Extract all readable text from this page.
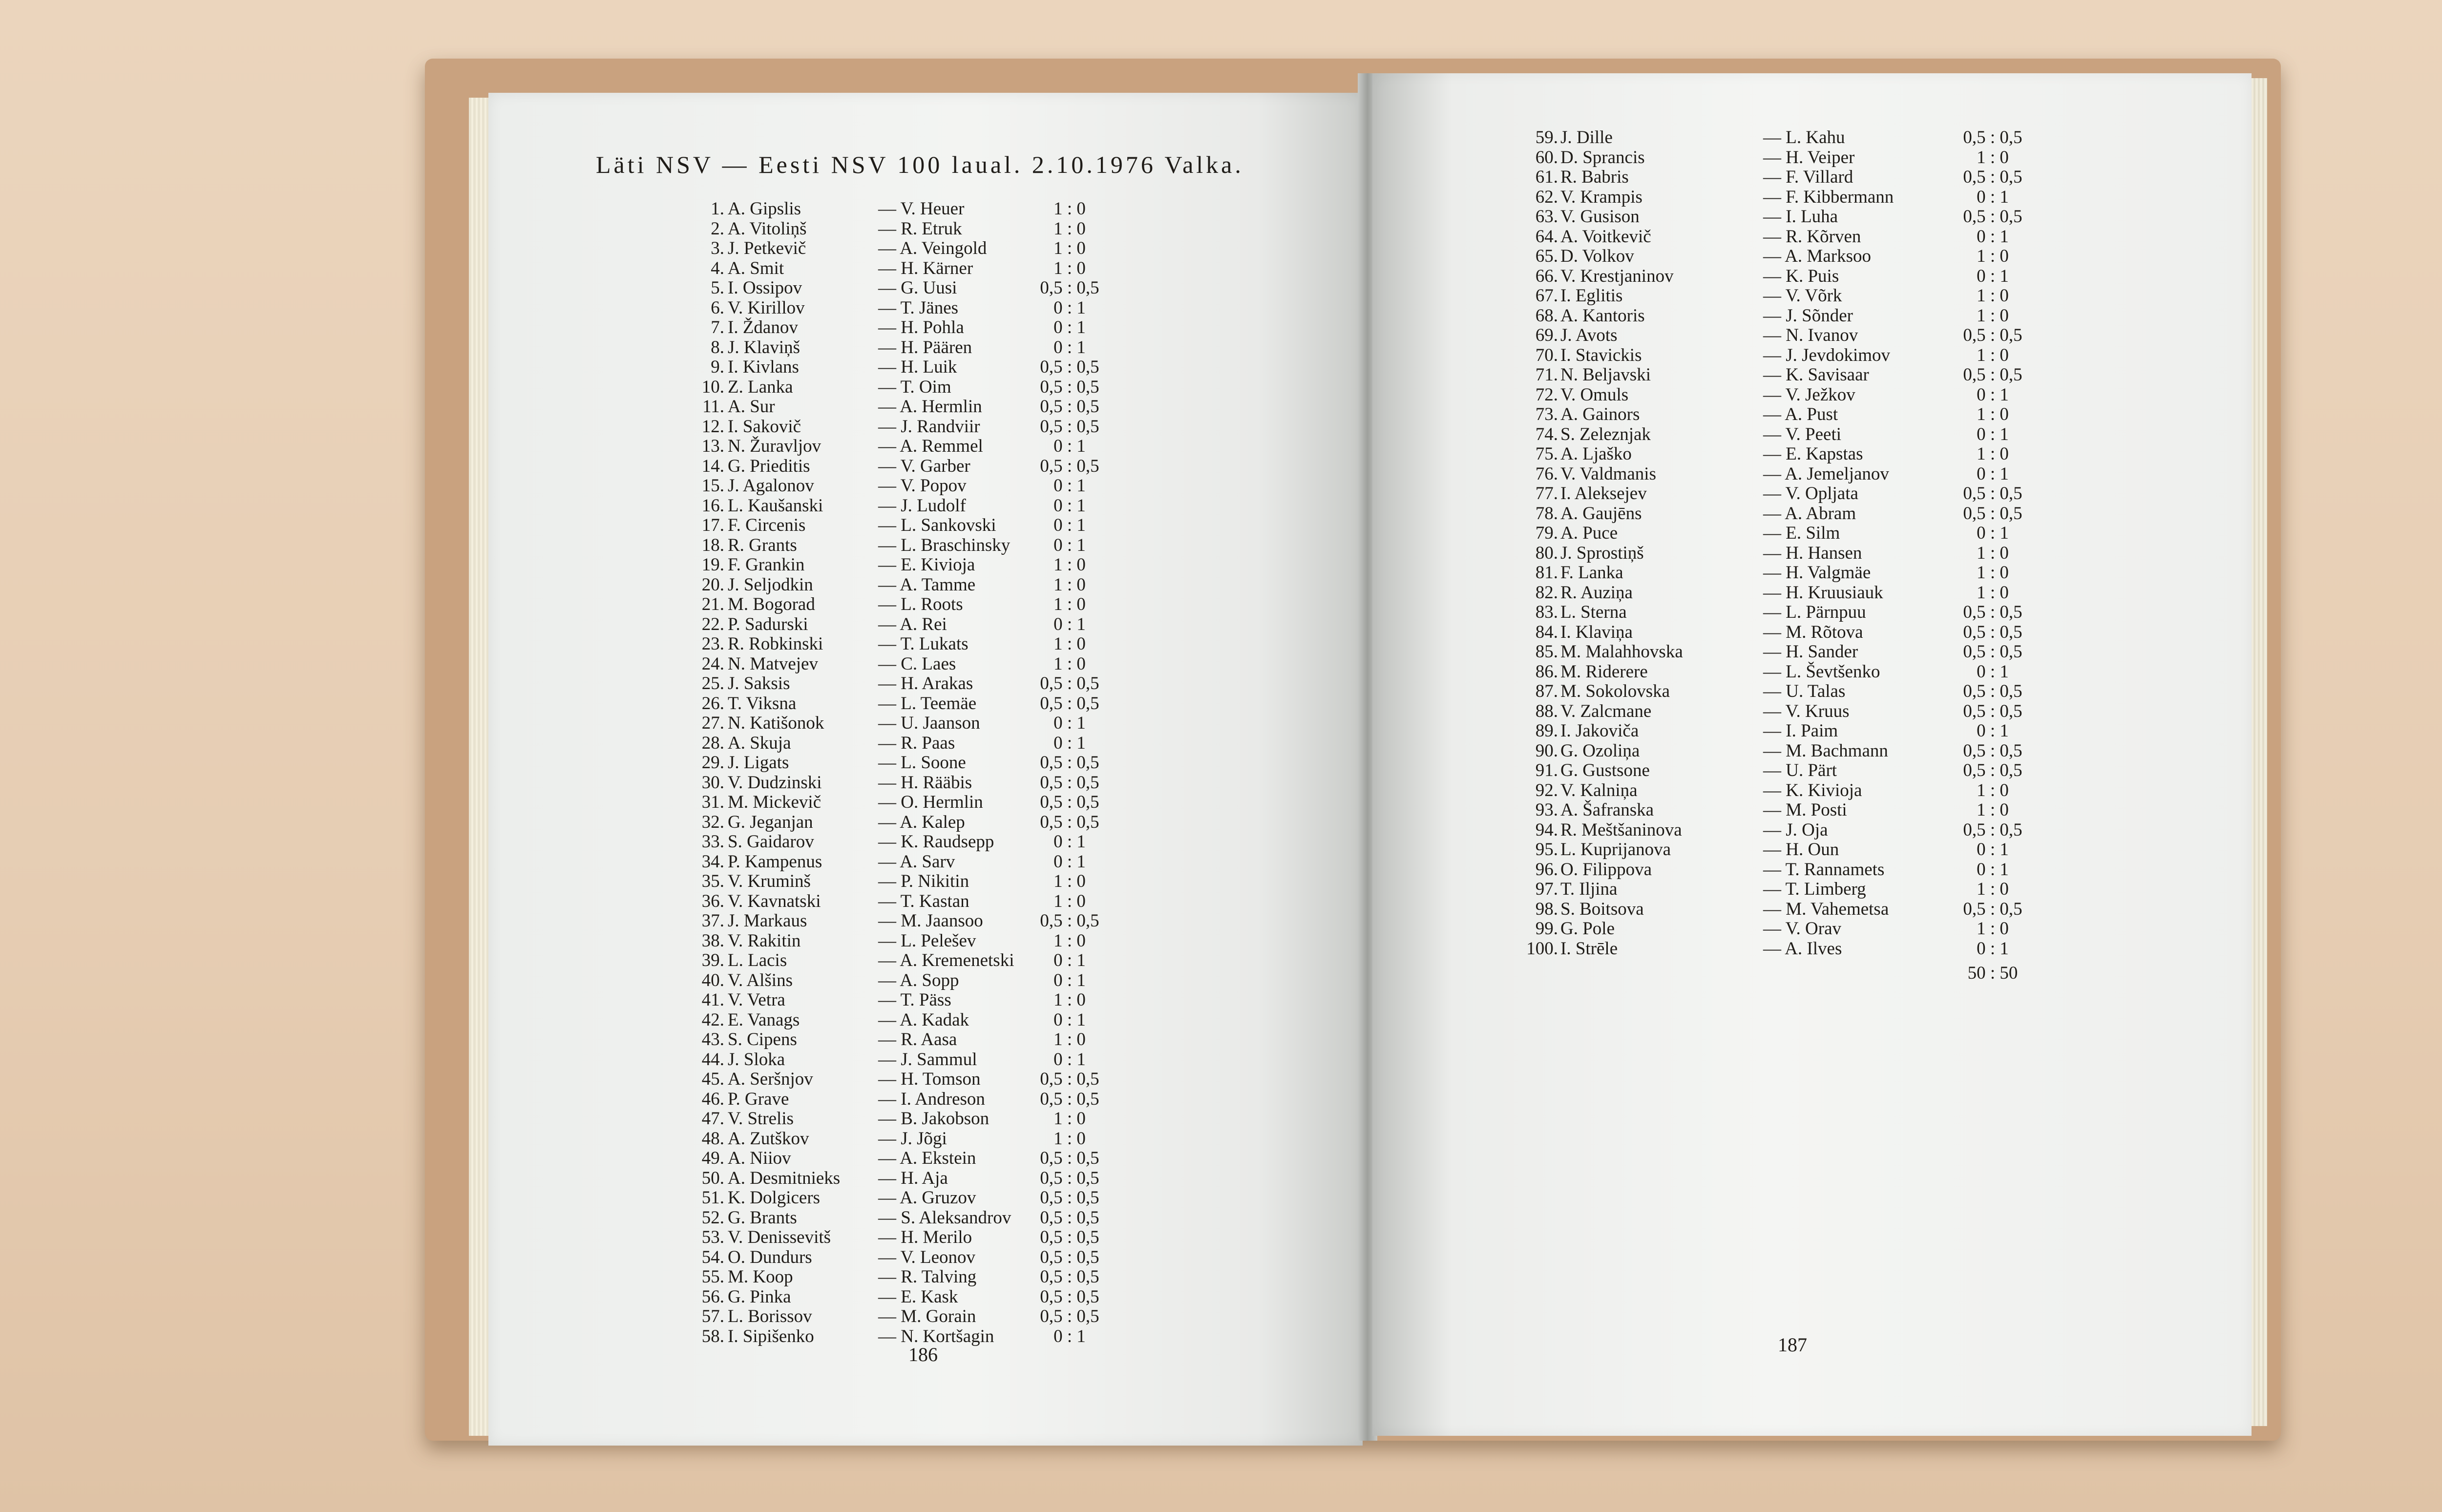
Läti NSV — Eesti NSV 100 laual. 2.10.1976 Valka.
1. A. Gipslis	— V. Heuer	1 : 0
2. A. Vitoliņš	— R. Etruk	1 : 0
3. J. Petkevič	— A. Veingold	1 : 0
4. A. Smit	— H. Kärner	1 : 0
5. I. Ossipov	— G. Uusi	0,5 : 0,5
6. V. Kirillov	— T. Jänes	0 : 1
7. I. Ždanov	— H. Pohla	0 : 1
8. J. Klaviņš	— H. Päären	0 : 1
9. I. Kivlans	— H. Luik	0,5 : 0,5
10. Z. Lanka	— T. Oim	0,5 : 0,5
11. A. Sur	— A. Hermlin	0,5 : 0,5
12. I. Sakovič	— J. Randviir	0,5 : 0,5
13. N. Žuravljov	— A. Remmel	0 : 1
14. G. Prieditis	— V. Garber	0,5 : 0,5
15. J. Agalonov	— V. Popov	0 : 1
16. L. Kaušanski	— J. Ludolf	0 : 1
17. F. Circenis	— L. Sankovski	0 : 1
18. R. Grants	— L. Braschinsky	0 : 1
19. F. Grankin	— E. Kivioja	1 : 0
20. J. Seljodkin	— A. Tamme	1 : 0
21. M. Bogorad	— L. Roots	1 : 0
22. P. Sadurski	— A. Rei	0 : 1
23. R. Robkinski	— T. Lukats	1 : 0
24. N. Matvejev	— C. Laes	1 : 0
25. J. Saksis	— H. Arakas	0,5 : 0,5
26. T. Viksna	— L. Teemäe	0,5 : 0,5
27. N. Katišonok	— U. Jaanson	0 : 1
28. A. Skuja	— R. Paas	0 : 1
29. J. Ligats	— L. Soone	0,5 : 0,5
30. V. Dudzinski	— H. Rääbis	0,5 : 0,5
31. M. Mickevič	— O. Hermlin	0,5 : 0,5
32. G. Jeganjan	— A. Kalep	0,5 : 0,5
33. S. Gaidarov	— K. Raudsepp	0 : 1
34. P. Kampenus	— A. Sarv	0 : 1
35. V. Kruminš	— P. Nikitin	1 : 0
36. V. Kavnatski	— T. Kastan	1 : 0
37. J. Markaus	— M. Jaansoo	0,5 : 0,5
38. V. Rakitin	— L. Pelešev	1 : 0
39. L. Lacis	— A. Kremenetski	0 : 1
40. V. Alšins	— A. Sopp	0 : 1
41. V. Vetra	— T. Päss	1 : 0
42. E. Vanags	— A. Kadak	0 : 1
43. S. Cipens	— R. Aasa	1 : 0
44. J. Sloka	— J. Sammul	0 : 1
45. A. Seršnjov	— H. Tomson	0,5 : 0,5
46. P. Grave	— I. Andreson	0,5 : 0,5
47. V. Strelis	— B. Jakobson	1 : 0
48. A. Zutškov	— J. Jõgi	1 : 0
49. A. Niiov	— A. Ekstein	0,5 : 0,5
50. A. Desmitnieks — H. Aja	0,5 : 0,5
51. K. Dolgicers	— A. Gruzov	0,5 : 0,5
52. G. Brants	— S. Aleksandrov	0,5 : 0,5
53. V. Denissevitš	— H. Merilo	0,5 : 0,5
54. O. Dundurs	— V. Leonov	0,5 : 0,5
55. M. Koop	— R. Talving	0,5 : 0,5
56. G. Pinka	— E. Kask	0,5 : 0,5
57. L. Borissov	— M. Gorain	0,5 : 0,5
58. I. Sipišenko	— N. Kortšagin	0 : 1
186
59. J. Dille	— L. Kahu	0,5 : 0,5
60. D. Sprancis	— H. Veiper	1 : 0
61. R. Babris	— F. Villard	0,5 : 0,5
62. V. Krampis	— F. Kibbermann	0 : 1
63. V. Gusison	— I. Luha	0,5 : 0,5
64. A. Voitkevič	— R. Kõrven	0 : 1
65. D. Volkov	— A. Marksoo	1 : 0
66. V. Krestjaninov	— K. Puis	0 : 1
67. I. Eglitis	— V. Võrk	1 : 0
68. A. Kantoris	— J. Sõnder	1 : 0
69. J. Avots	— N. Ivanov	0,5 : 0,5
70. I. Stavickis	— J. Jevdokimov	1 : 0
71. N. Beljavski	— K. Savisaar	0,5 : 0,5
72. V. Omuls	— V. Ježkov	0 : 1
73. A. Gainors	— A. Pust	1 : 0
74. S. Zeleznjak	— V. Peeti	0 : 1
75. A. Ljaško	— E. Kapstas	1 : 0
76. V. Valdmanis	— A. Jemeljanov	0 : 1
77. I. Aleksejev	— V. Opljata	0,5 : 0,5
78. A. Gaujēns	— A. Abram	0,5 : 0,5
79. A. Puce	— E. Silm	0 : 1
80. J. Sprostiņš	— H. Hansen	1 : 0
81. F. Lanka	— H. Valgmäe	1 : 0
82. R. Auziņa	— H. Kruusiauk	1 : 0
83. L. Sterna	— L. Pärnpuu	0,5 : 0,5
84. I. Klaviņa	— M. Rõtova	0,5 : 0,5
85. M. Malahhovska	— H. Sander	0,5 : 0,5
86. M. Riderere	— L. Ševtšenko	0 : 1
87. M. Sokolovska	— U. Talas	0,5 : 0,5
88. V. Zalcmane	— V. Kruus	0,5 : 0,5
89. I. Jakoviča	— I. Paim	0 : 1
90. G. Ozoliņa	— M. Bachmann	0,5 : 0,5
91. G. Gustsone	— U. Pärt	0,5 : 0,5
92. V. Kalniņa	— K. Kivioja	1 : 0
93. A. Šafranska	— M. Posti	1 : 0
94. R. Meštšaninova	— J. Oja	0,5 : 0,5
95. L. Kuprijanova	— H. Oun	0 : 1
96. O. Filippova	— T. Rannamets	0 : 1
97. T. Iljina	— T. Limberg	1 : 0
98. S. Boitsova	— M. Vahemetsa	0,5 : 0,5
99. G. Pole	— V. Orav	1 : 0
100. I. Strēle	— A. Ilves	0 : 1
50 : 50
187
